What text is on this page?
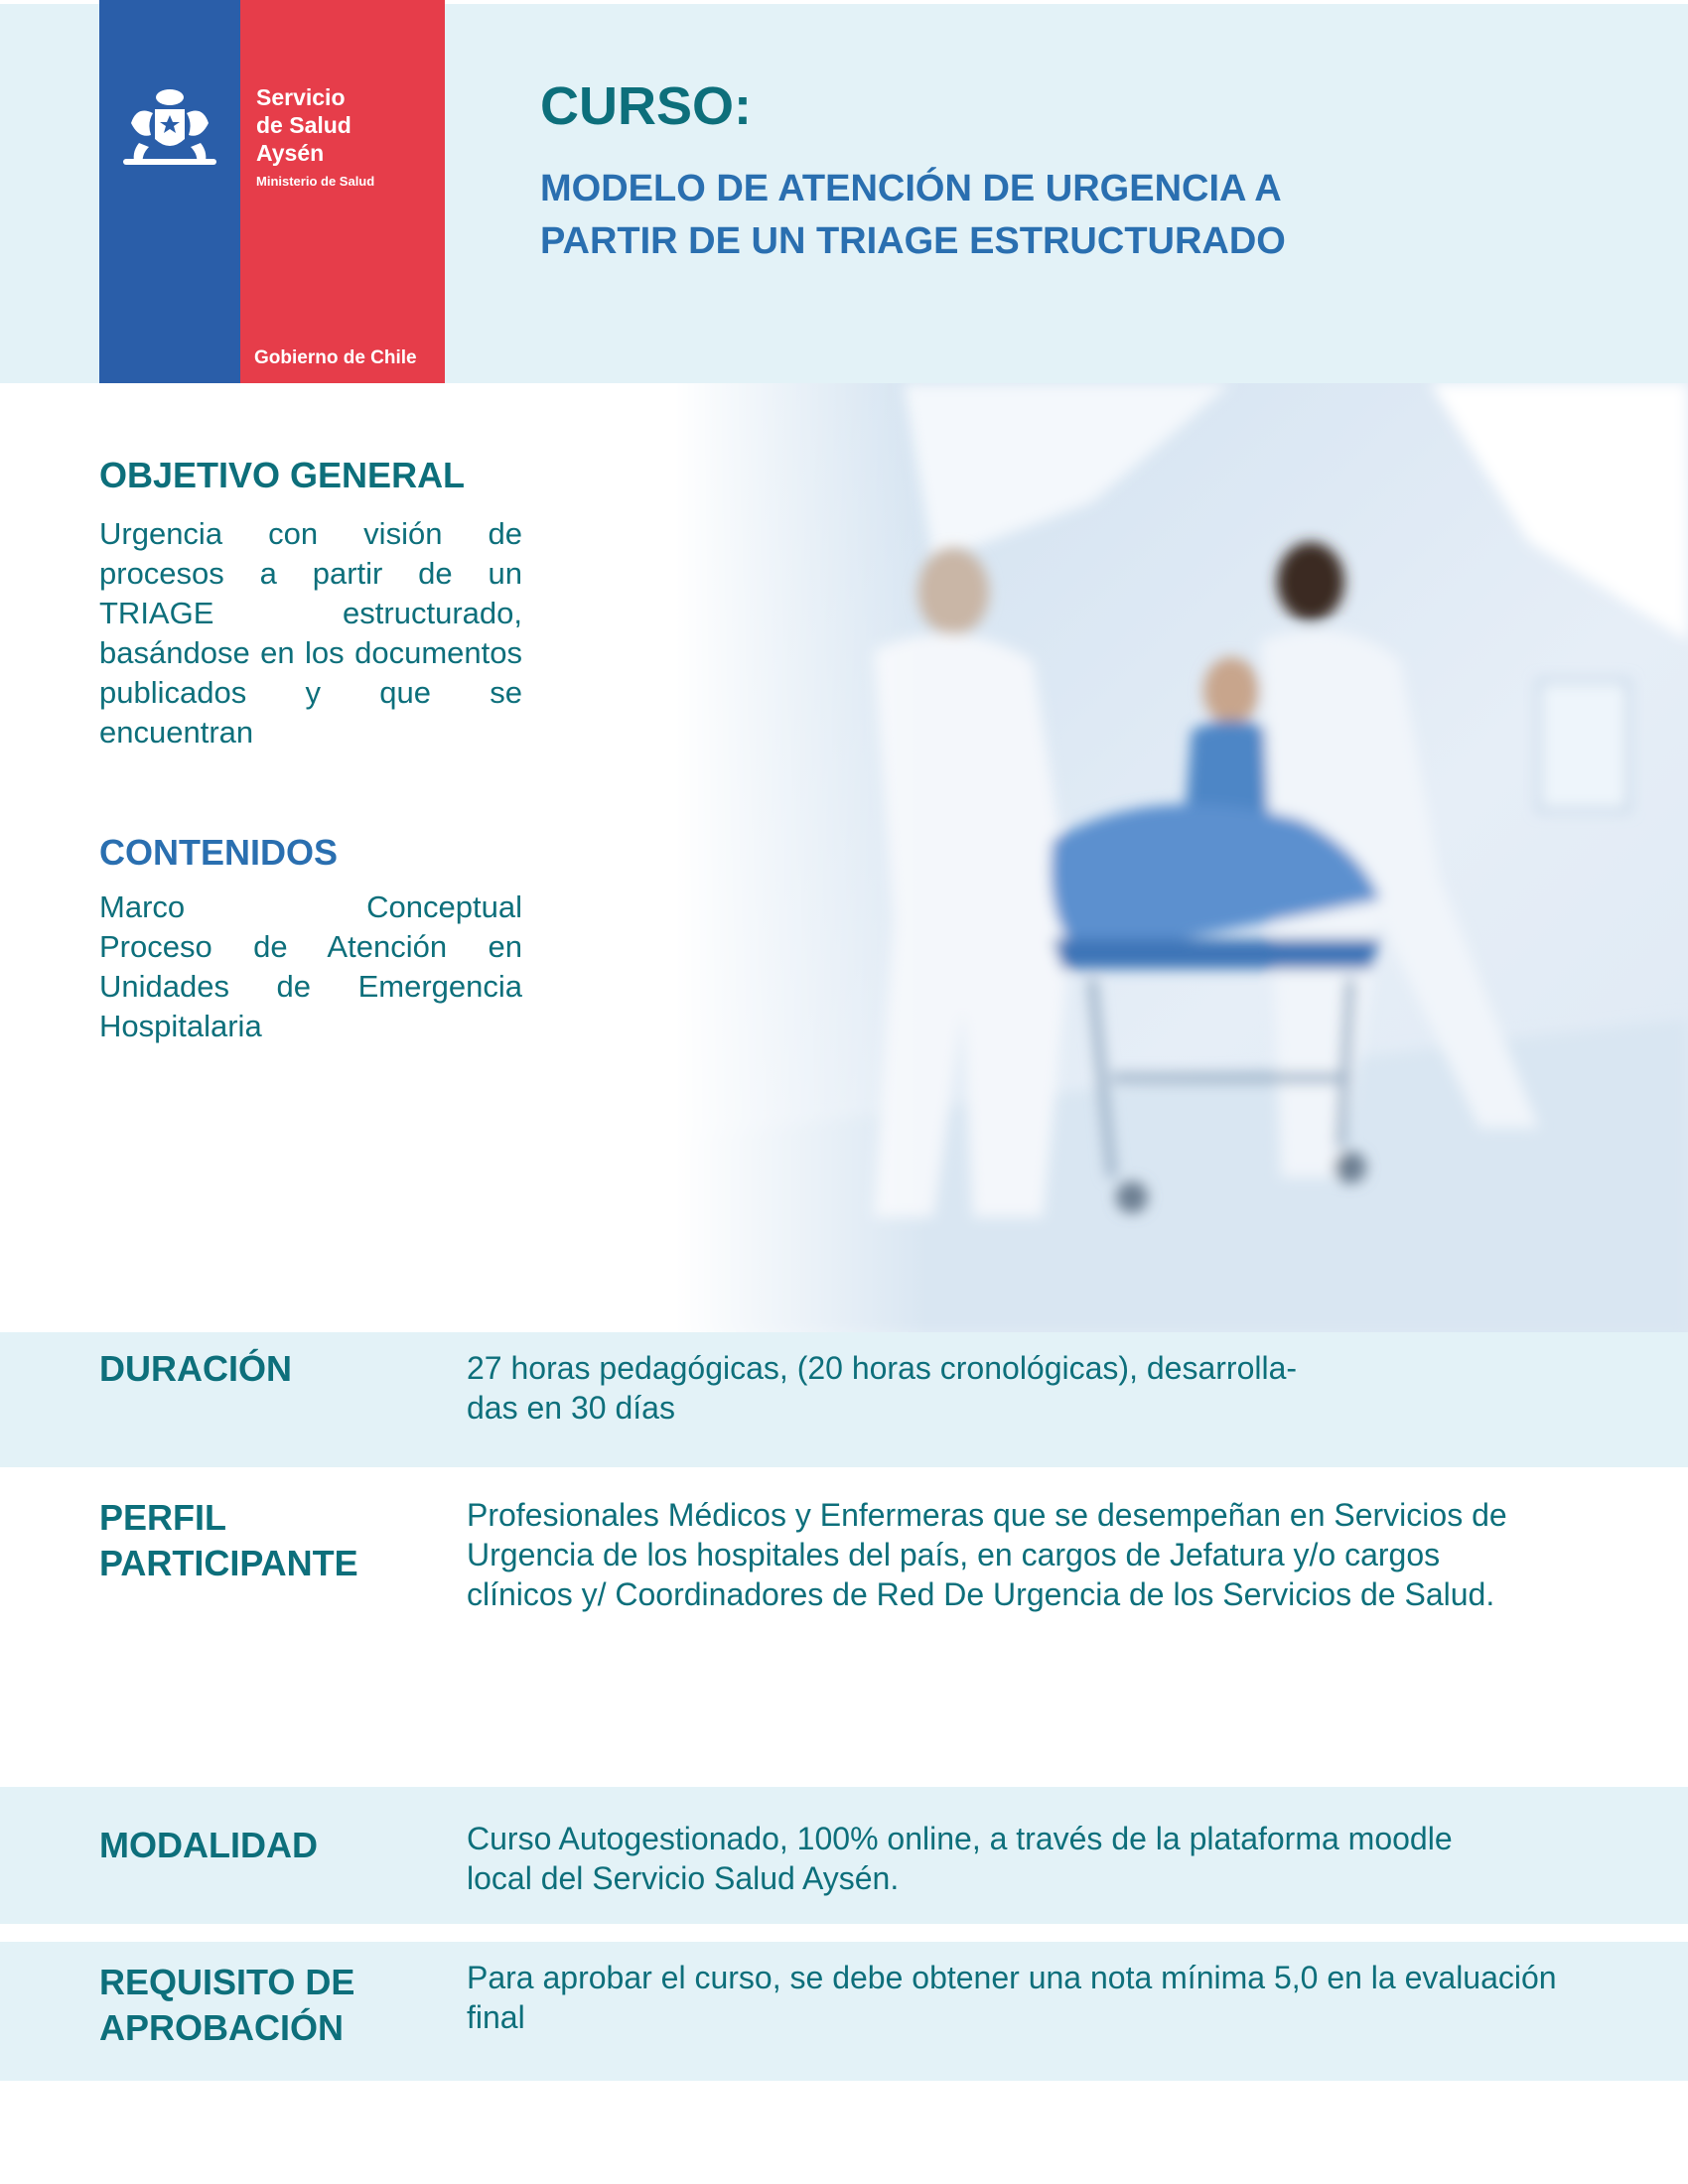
Servicio
de Salud
Aysén
Ministerio de Salud
Gobierno de Chile
CURSO:
MODELO DE ATENCIÓN DE URGENCIA A
PARTIR DE UN TRIAGE ESTRUCTURADO
OBJETIVO GENERAL
Urgencia con visión de procesos a partir de un TRIAGE estructurado, basándose en los documentos publicados y que se encuentran
CONTENIDOS
Marco Conceptual
Proceso de Atención en Unidades de Emergencia Hospitalaria
DURACIÓN	27 horas pedagógicas, (20 horas cronológicas), desarrolla-
das en 30 días
PERFIL
PARTICIPANTE
Profesionales Médicos y Enfermeras que se desempeñan en Servicios de Urgencia de los hospitales del país, en cargos de Jefatura y/o cargos clínicos y/ Coordinadores de Red De Urgencia de los Servicios de Salud.
MODALIDAD	Curso Autogestionado, 100% online, a través de la plataforma moodle local del Servicio Salud Aysén.
REQUISITO DE
APROBACIÓN
Para aprobar el curso, se debe obtener una nota mínima 5,0 en la evaluación final
